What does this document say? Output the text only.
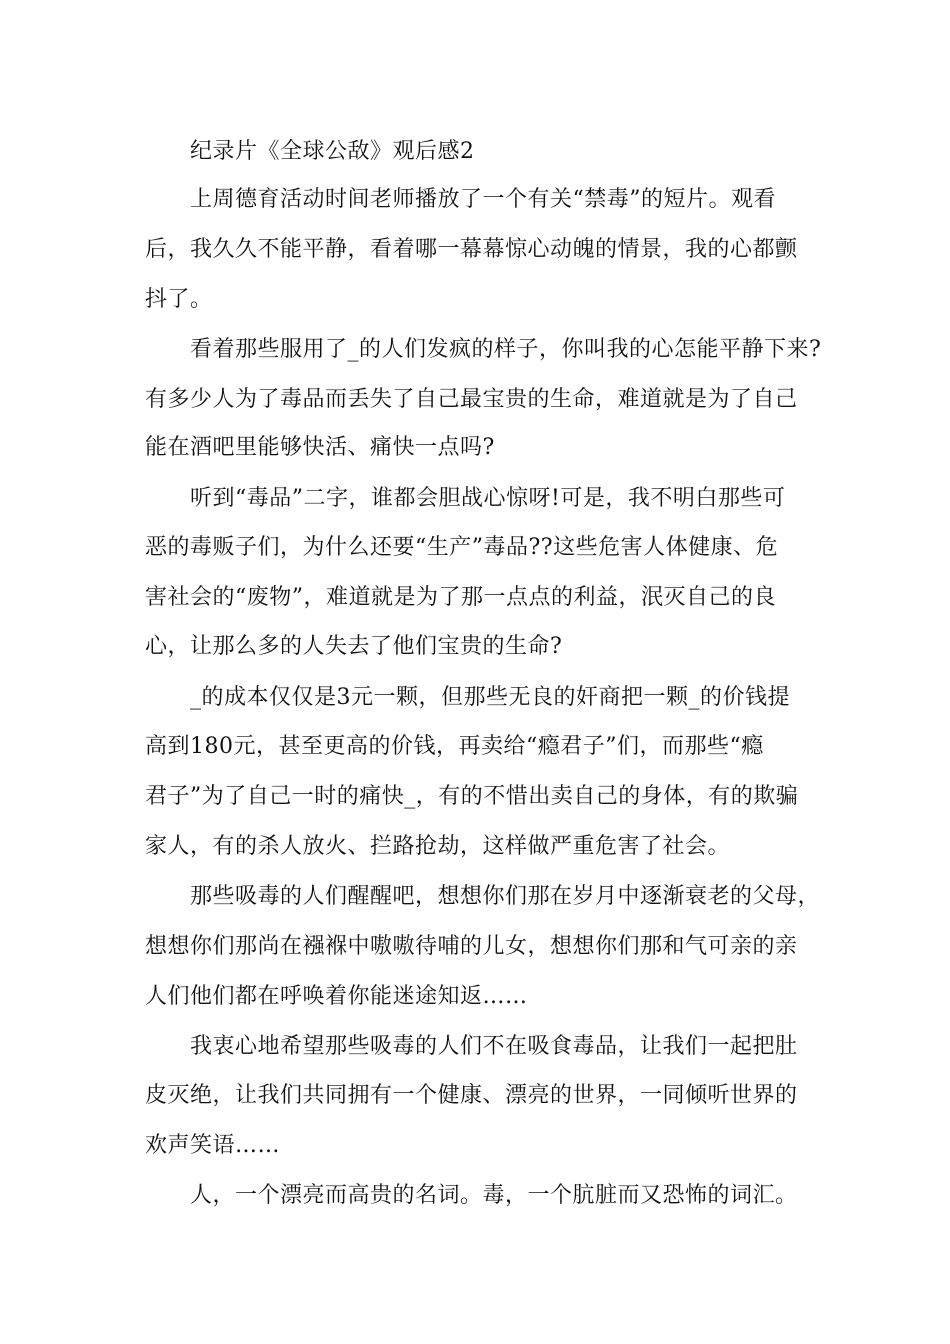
纪录片《全球公敌》观后感2
上周德育活动时间老师播放了一个有关“禁毒”的短片。观看
后，我久久不能平静，看着哪一幕幕惊心动魄的情景，我的心都颤
抖了。
看着那些服用了_的人们发疯的样子，你叫我的心怎能平静下来?
有多少人为了毒品而丢失了自己最宝贵的生命，难道就是为了自己
能在酒吧里能够快活、痛快一点吗?
听到“毒品”二字，谁都会胆战心惊呀!可是，我不明白那些可
恶的毒贩子们，为什么还要“生产”毒品??这些危害人体健康、危
害社会的“废物”，难道就是为了那一点点的利益，泯灭自己的良
心，让那么多的人失去了他们宝贵的生命?
_的成本仅仅是3元一颗，但那些无良的奸商把一颗_的价钱提
高到180元，甚至更高的价钱，再卖给“瘾君子”们，而那些“瘾
君子”为了自己一时的痛快_，有的不惜出卖自己的身体，有的欺骗
家人，有的杀人放火、拦路抢劫，这样做严重危害了社会。
那些吸毒的人们醒醒吧，想想你们那在岁月中逐渐衰老的父母，
想想你们那尚在襁褓中嗷嗷待哺的儿女，想想你们那和气可亲的亲
人们他们都在呼唤着你能迷途知返……
我衷心地希望那些吸毒的人们不在吸食毒品，让我们一起把肚
皮灭绝，让我们共同拥有一个健康、漂亮的世界，一同倾听世界的
欢声笑语……
人，一个漂亮而高贵的名词。毒，一个肮脏而又恐怖的词汇。
